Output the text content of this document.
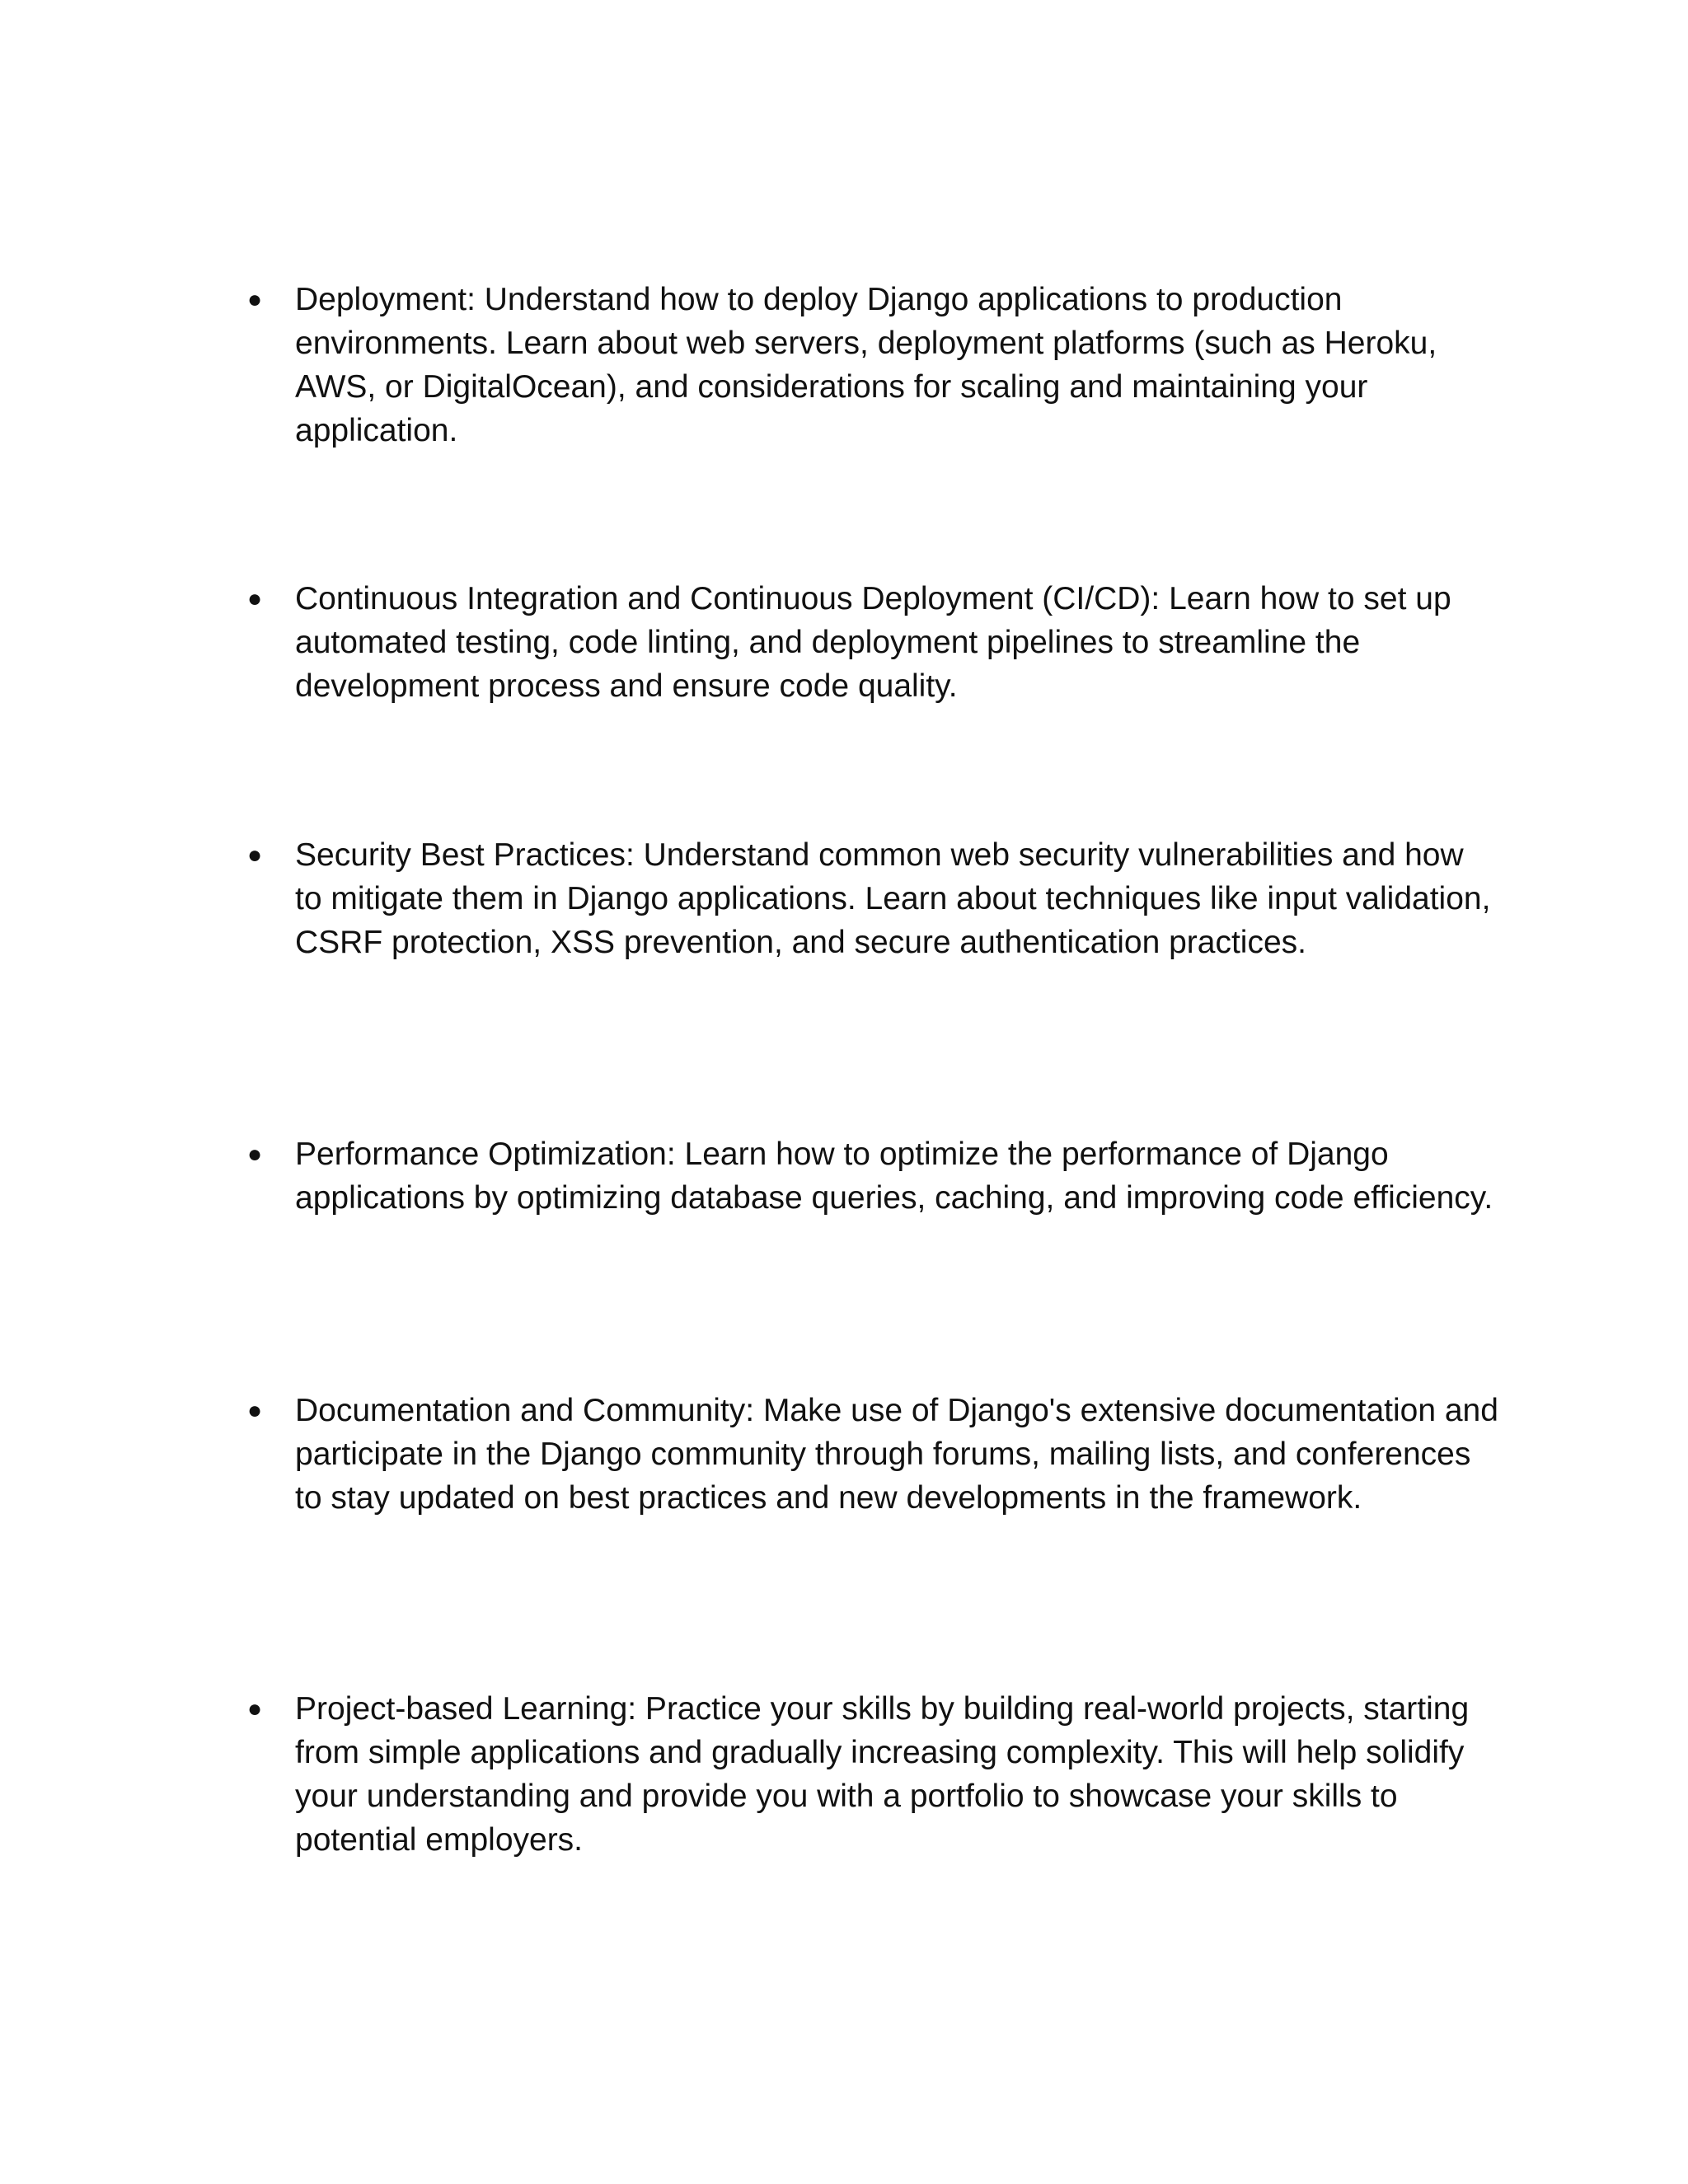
●	Deployment: Understand how to deploy Django applications to production environments. Learn about web servers, deployment platforms (such as Heroku, AWS, or DigitalOcean), and considerations for scaling and maintaining your application.

●	Continuous Integration and Continuous Deployment (CI/CD): Learn how to set up automated testing, code linting, and deployment pipelines to streamline the development process and ensure code quality.

●	Security Best Practices: Understand common web security vulnerabilities and how to mitigate them in Django applications. Learn about techniques like input validation, CSRF protection, XSS prevention, and secure authentication practices.

●	Performance Optimization: Learn how to optimize the performance of Django applications by optimizing database queries, caching, and improving code efficiency.

●	Documentation and Community: Make use of Django's extensive documentation and participate in the Django community through forums, mailing lists, and conferences to stay updated on best practices and new developments in the framework.

●	Project-based Learning: Practice your skills by building real-world projects, starting from simple applications and gradually increasing complexity. This will help solidify your understanding and provide you with a portfolio to showcase your skills to potential employers.
